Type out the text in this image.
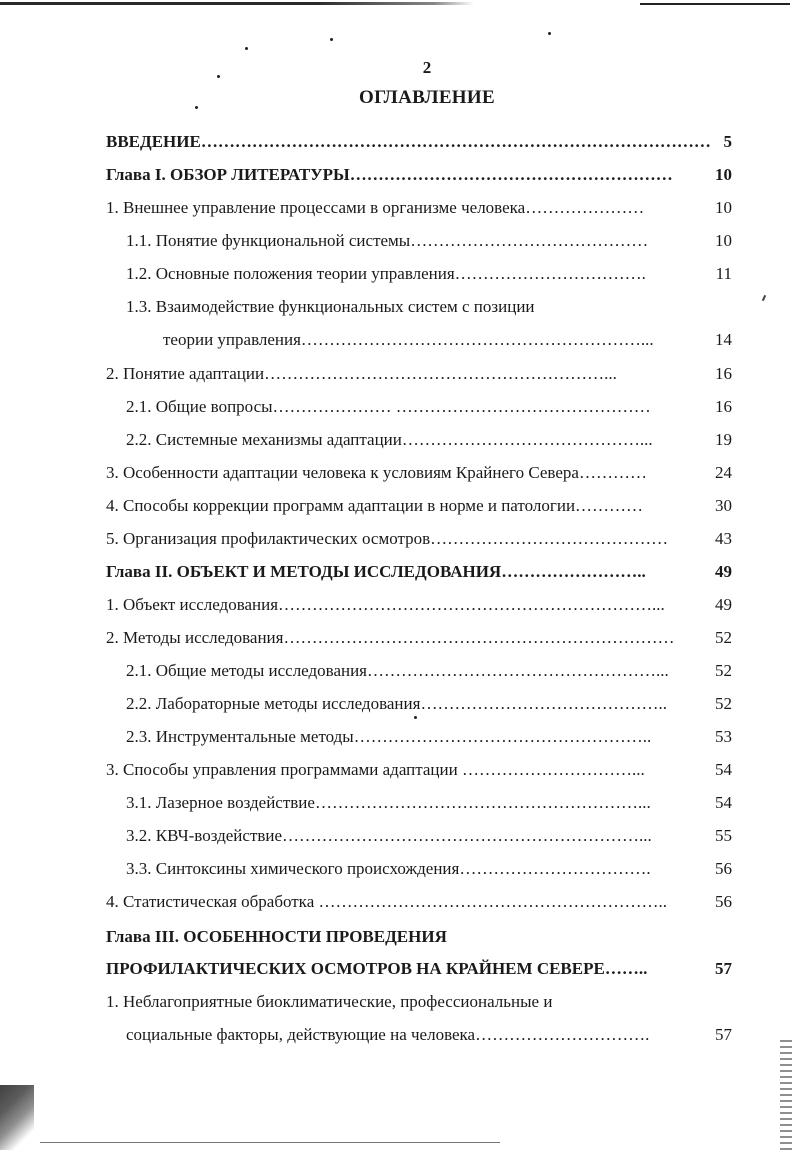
2
ОГЛАВЛЕНИЕ
ВВЕДЕНИЕ……………………………………………………………………………… 5
Глава I. ОБЗОР ЛИТЕРАТУРЫ…………………………………………………	10
1. Внешнее управление процессами в организме человека…………………	10
1.1. Понятие функциональной системы……………………………………	10
1.2. Основные положения теории управления…………………………….	11
1.3. Взаимодействие функциональных систем с позиции
теории управления……………………………………………………...	14
2. Понятие адаптации……………………………………………………...	16
2.1. Общие вопросы………………… ………………………………………	16
2.2. Системные механизмы адаптации……………………………………...	19
3. Особенности адаптации человека к условиям Крайнего Севера…………	24
4. Способы коррекции программ адаптации в норме и патологии…………	30
5. Организация профилактических осмотров……………………………………	43
Глава II. ОБЪЕКТ И МЕТОДЫ ИССЛЕДОВАНИЯ……………………..	49
1. Объект исследования…………………………………………………………...	49
2. Методы исследования……………………………………………………………	52
2.1. Общие методы исследования……………………………………………...	52
2.2. Лабораторные методы исследования……………………………………..	52
2.3. Инструментальные методы……………………………………………..	53
3. Способы управления программами адаптации …………………………...	54
3.1. Лазерное воздействие…………………………………………………...	54
3.2. КВЧ-воздействие………………………………………………………...	55
3.3. Синтоксины химического происхождения…………………………….	56
4. Статистическая обработка ……………………………………………………..	56
Глава III. ОСОБЕННОСТИ ПРОВЕДЕНИЯ
ПРОФИЛАКТИЧЕСКИХ ОСМОТРОВ НА КРАЙНЕМ СЕВЕРЕ……..	57
1. Неблагоприятные биоклиматические, профессиональные и
социальные факторы, действующие на человека………………………….	57
